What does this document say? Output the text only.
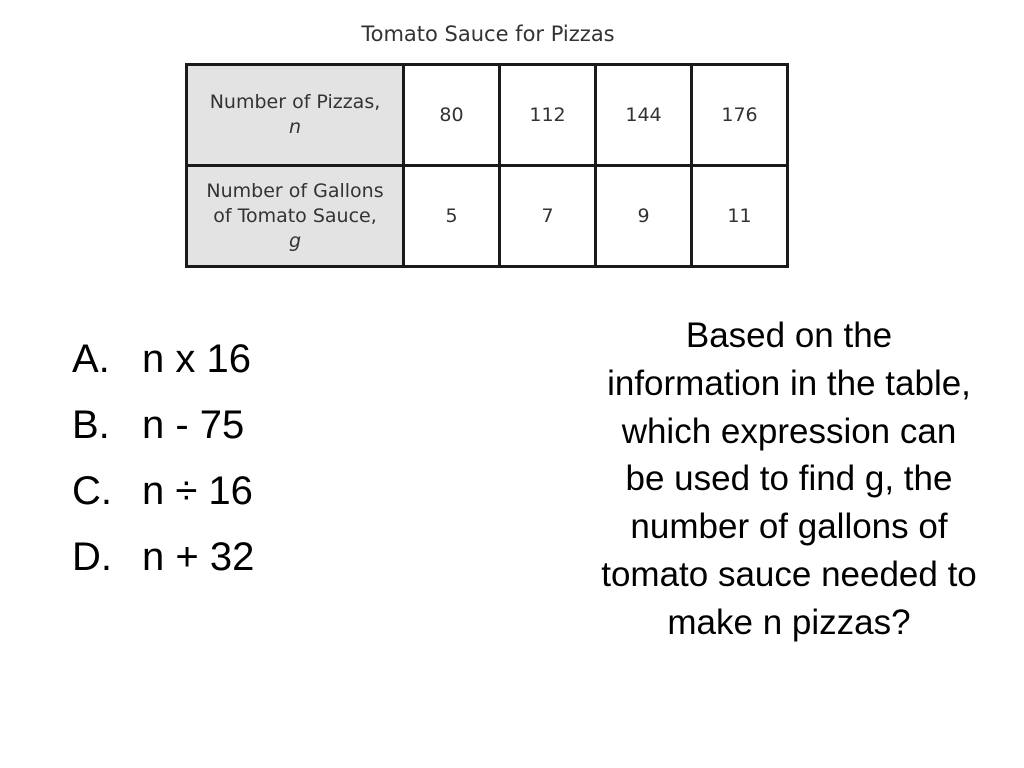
Tomato Sauce for Pizzas
Number of Pizzas,
n	80	112	144	176
Number of Gallons
of Tomato Sauce,
g	5	7	9	11
A. n x 16
B. n - 75
C. n ÷ 16
D. n + 32

Based on the information in the table, which expression can be used to find g, the number of gallons of tomato sauce needed to make n pizzas?
